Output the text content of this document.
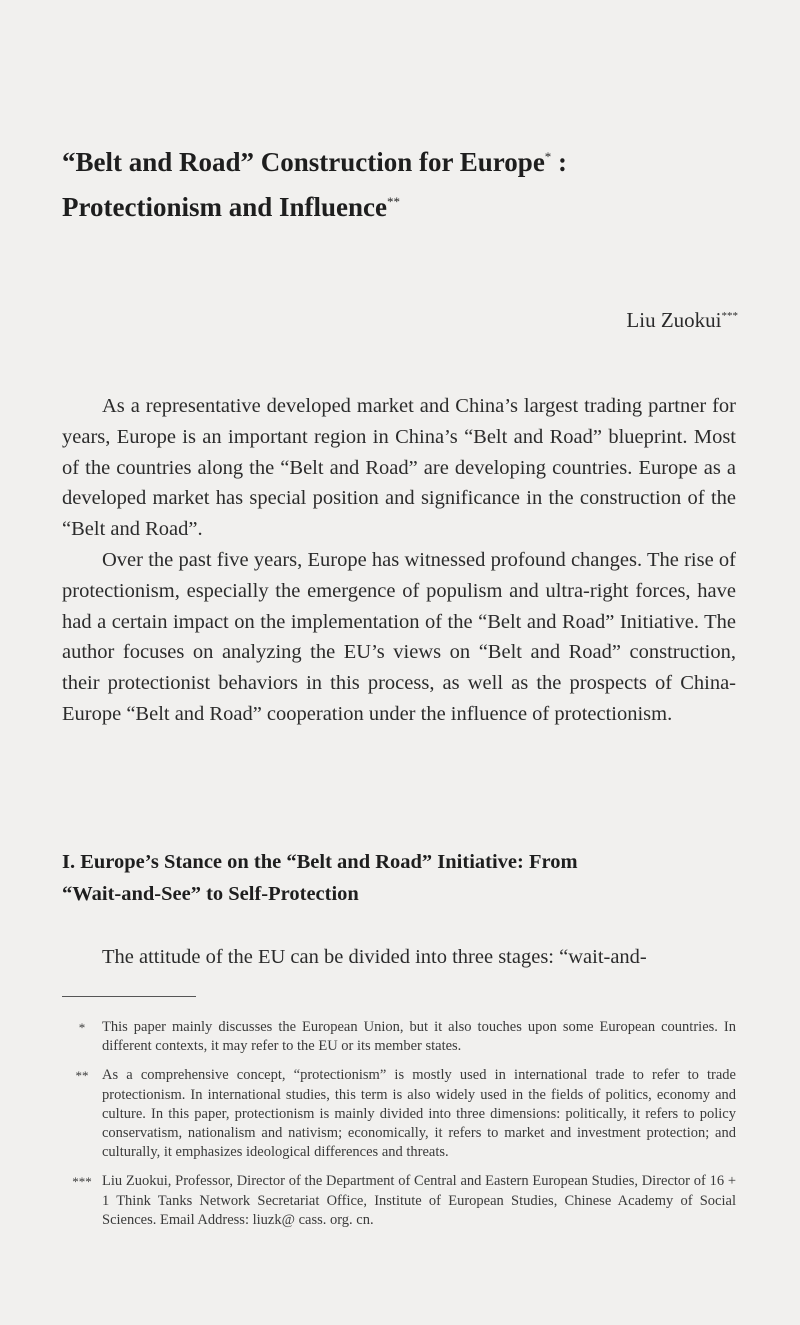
“Belt and Road” Construction for Europe* :
Protectionism and Influence**
Liu Zuokui***

As a representative developed market and China’s largest trading partner for years, Europe is an important region in China’s “Belt and Road” blueprint. Most of the countries along the “Belt and Road” are developing countries. Europe as a developed market has special position and significance in the construction of the “Belt and Road”.

Over the past five years, Europe has witnessed profound changes. The rise of protectionism, especially the emergence of populism and ultra-right forces, have had a certain impact on the implementation of the “Belt and Road” Initiative. The author focuses on analyzing the EU’s views on “Belt and Road” construction, their protectionist behaviors in this process, as well as the prospects of China-Europe “Belt and Road” cooperation under the influence of protectionism.

I. Europe’s Stance on the “Belt and Road” Initiative: From

“Wait-and-See” to Self-Protection

The attitude of the EU can be divided into three stages: “wait-and-
*	This paper mainly discusses the European Union, but it also touches upon some European countries. In different contexts, it may refer to the EU or its member states.
** As a comprehensive concept, “protectionism” is mostly used in international trade to refer to trade protectionism. In international studies, this term is also widely used in the fields of politics, economy and culture. In this paper, protectionism is mainly divided into three dimensions: politically, it refers to policy conservatism, nationalism and nativism; economically, it refers to market and investment protection; and culturally, it emphasizes ideological differences and threats.
*** Liu Zuokui, Professor, Director of the Department of Central and Eastern European Studies, Director of 16 + 1 Think Tanks Network Secretariat Office, Institute of European Studies, Chinese Academy of Social Sciences. Email Address: liuzk@ cass. org. cn.
